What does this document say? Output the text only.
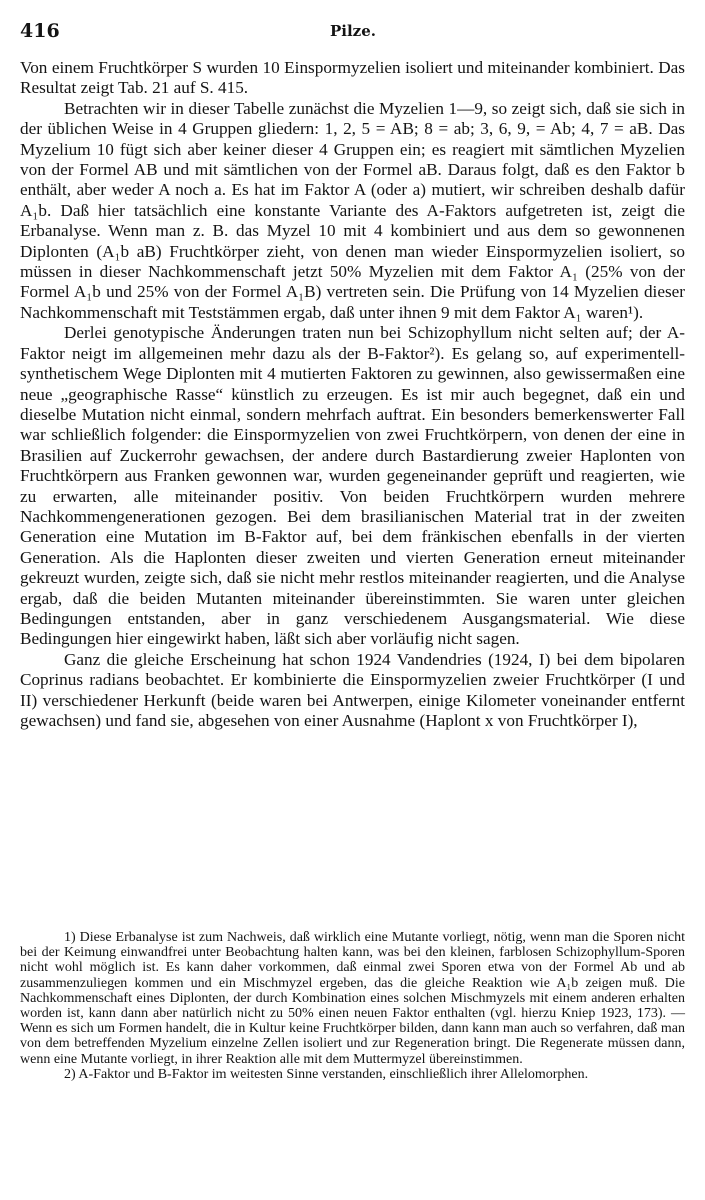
416	Pilze.

Von einem Fruchtkörper S wurden 10 Einspormyzelien isoliert und miteinander kombiniert. Das Resultat zeigt Tab. 21 auf S. 415.

Betrachten wir in dieser Tabelle zunächst die Myzelien 1—9, so zeigt sich, daß sie sich in der üblichen Weise in 4 Gruppen gliedern: 1, 2, 5 = AB; 8 = ab; 3, 6, 9, = Ab; 4, 7 = aB. Das Myzelium 10 fügt sich aber keiner dieser 4 Gruppen ein; es reagiert mit sämtlichen Myzelien von der Formel AB und mit sämtlichen von der Formel aB. Daraus folgt, daß es den Faktor b enthält, aber weder A noch a. Es hat im Faktor A (oder a) mutiert, wir schreiben deshalb dafür A₁b. Daß hier tatsächlich eine konstante Variante des A-Faktors aufgetreten ist, zeigt die Erbanalyse. Wenn man z. B. das Myzel 10 mit 4 kombiniert und aus dem so gewonnenen Diplonten (A₁b aB) Fruchtkörper zieht, von denen man wieder Einspormyzelien isoliert, so müssen in dieser Nachkommenschaft jetzt 50% Myzelien mit dem Faktor A₁ (25% von der Formel A₁b und 25% von der Formel A₁B) vertreten sein. Die Prüfung von 14 Myzelien dieser Nachkommenschaft mit Teststämmen ergab, daß unter ihnen 9 mit dem Faktor A₁ waren¹).

Derlei genotypische Änderungen traten nun bei Schizophyllum nicht selten auf; der A-Faktor neigt im allgemeinen mehr dazu als der B-Faktor²). Es gelang so, auf experimentell-synthetischem Wege Diplonten mit 4 mutierten Faktoren zu gewinnen, also gewissermaßen eine neue „geographische Rasse“ künstlich zu erzeugen. Es ist mir auch begegnet, daß ein und dieselbe Mutation nicht einmal, sondern mehrfach auftrat. Ein besonders bemerkenswerter Fall war schließlich folgender: die Einspormyzelien von zwei Fruchtkörpern, von denen der eine in Brasilien auf Zuckerrohr gewachsen, der andere durch Bastardierung zweier Haplonten von Fruchtkörpern aus Franken gewonnen war, wurden gegeneinander geprüft und reagierten, wie zu erwarten, alle miteinander positiv. Von beiden Fruchtkörpern wurden mehrere Nachkommengenerationen gezogen. Bei dem brasilianischen Material trat in der zweiten Generation eine Mutation im B-Faktor auf, bei dem fränkischen ebenfalls in der vierten Generation. Als die Haplonten dieser zweiten und vierten Generation erneut miteinander gekreuzt wurden, zeigte sich, daß sie nicht mehr restlos miteinander reagierten, und die Analyse ergab, daß die beiden Mutanten miteinander übereinstimmten. Sie waren unter gleichen Bedingungen entstanden, aber in ganz verschiedenem Ausgangsmaterial. Wie diese Bedingungen hier eingewirkt haben, läßt sich aber vorläufig nicht sagen.

Ganz die gleiche Erscheinung hat schon 1924 Vandendries (1924, I) bei dem bipolaren Coprinus radians beobachtet. Er kombinierte die Einspormyzelien zweier Fruchtkörper (I und II) verschiedener Herkunft (beide waren bei Antwerpen, einige Kilometer voneinander entfernt gewachsen) und fand sie, abgesehen von einer Ausnahme (Haplont x von Fruchtkörper I),

1) Diese Erbanalyse ist zum Nachweis, daß wirklich eine Mutante vorliegt, nötig, wenn man die Sporen nicht bei der Keimung einwandfrei unter Beobachtung halten kann, was bei den kleinen, farblosen Schizophyllum-Sporen nicht wohl möglich ist. Es kann daher vorkommen, daß einmal zwei Sporen etwa von der Formel Ab und ab zusammenzuliegen kommen und ein Mischmyzel ergeben, das die gleiche Reaktion wie A₁b zeigen muß. Die Nachkommenschaft eines Diplonten, der durch Kombination eines solchen Mischmyzels mit einem anderen erhalten worden ist, kann dann aber natürlich nicht zu 50% einen neuen Faktor enthalten (vgl. hierzu Kniep 1923, 173). — Wenn es sich um Formen handelt, die in Kultur keine Fruchtkörper bilden, dann kann man auch so verfahren, daß man von dem betreffenden Myzelium einzelne Zellen isoliert und zur Regeneration bringt. Die Regenerate müssen dann, wenn eine Mutante vorliegt, in ihrer Reaktion alle mit dem Muttermyzel übereinstimmen.

2) A-Faktor und B-Faktor im weitesten Sinne verstanden, einschließlich ihrer Allelomorphen.
